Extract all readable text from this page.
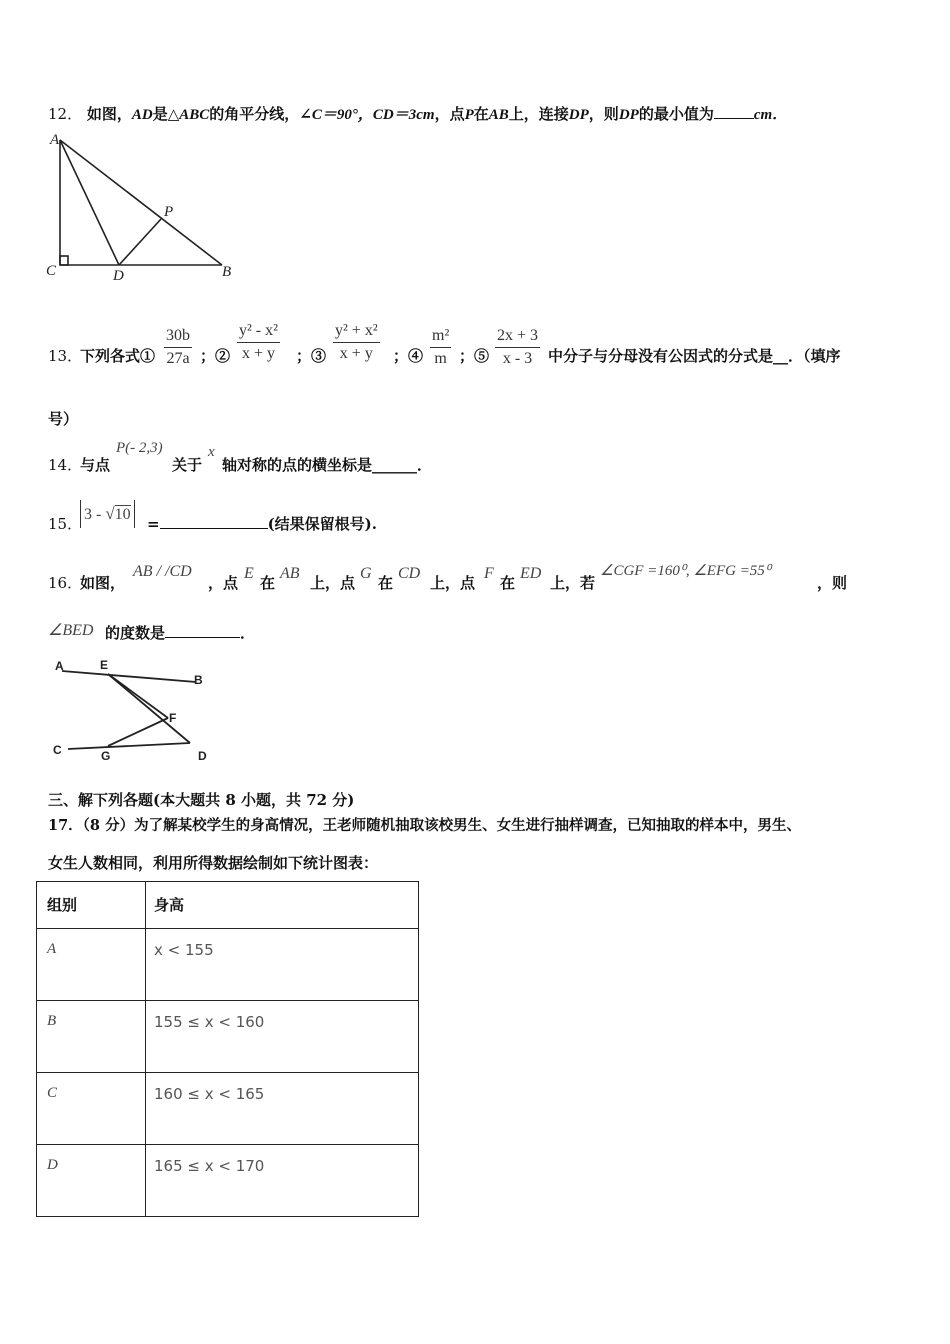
12． 如图，AD是△ABC的角平分线，∠C＝90°，CD＝3cm，点P在AB上，连接DP，则DP的最小值为	cm．
A
P
C	D	B
13．
下列各式① $\frac{30b}{27a}$ ；② $\frac{\text{y² - x²}}{x + y}$ ；③ $\frac{\text{y² + x²}}{x + y}$ ；④ $\frac{\text{m²}}{m}$ ；⑤ $\frac{2x + 3}{x - 3}$ 中分子与分母没有公因式的分式是__．（填序
号）
14．
与点
P(- 2,3)
关于
x
轴对称的点的横坐标是______．
15．
3 - √10
=	(结果保留根号).
16．
如图，
AB / /CD
，点
E
在
AB
上，点
G
在
CD
上，点
F
在
ED
上，若
∠CGF =160⁰, ∠EFG =55⁰
，则
∠BED 的度数是	．
A	E
B
F
C	G	D
三、解下列各题(本大题共 8 小题，共 72 分)
17．（8 分）为了解某校学生的身高情况，王老师随机抽取该校男生、女生进行抽样调查，已知抽取的样本中，男生、
女生人数相同，利用所得数据绘制如下统计图表：
组别	身高
A	x < 155
B	155 ≤ x < 160
C	160 ≤ x < 165
D	165 ≤ x < 170
